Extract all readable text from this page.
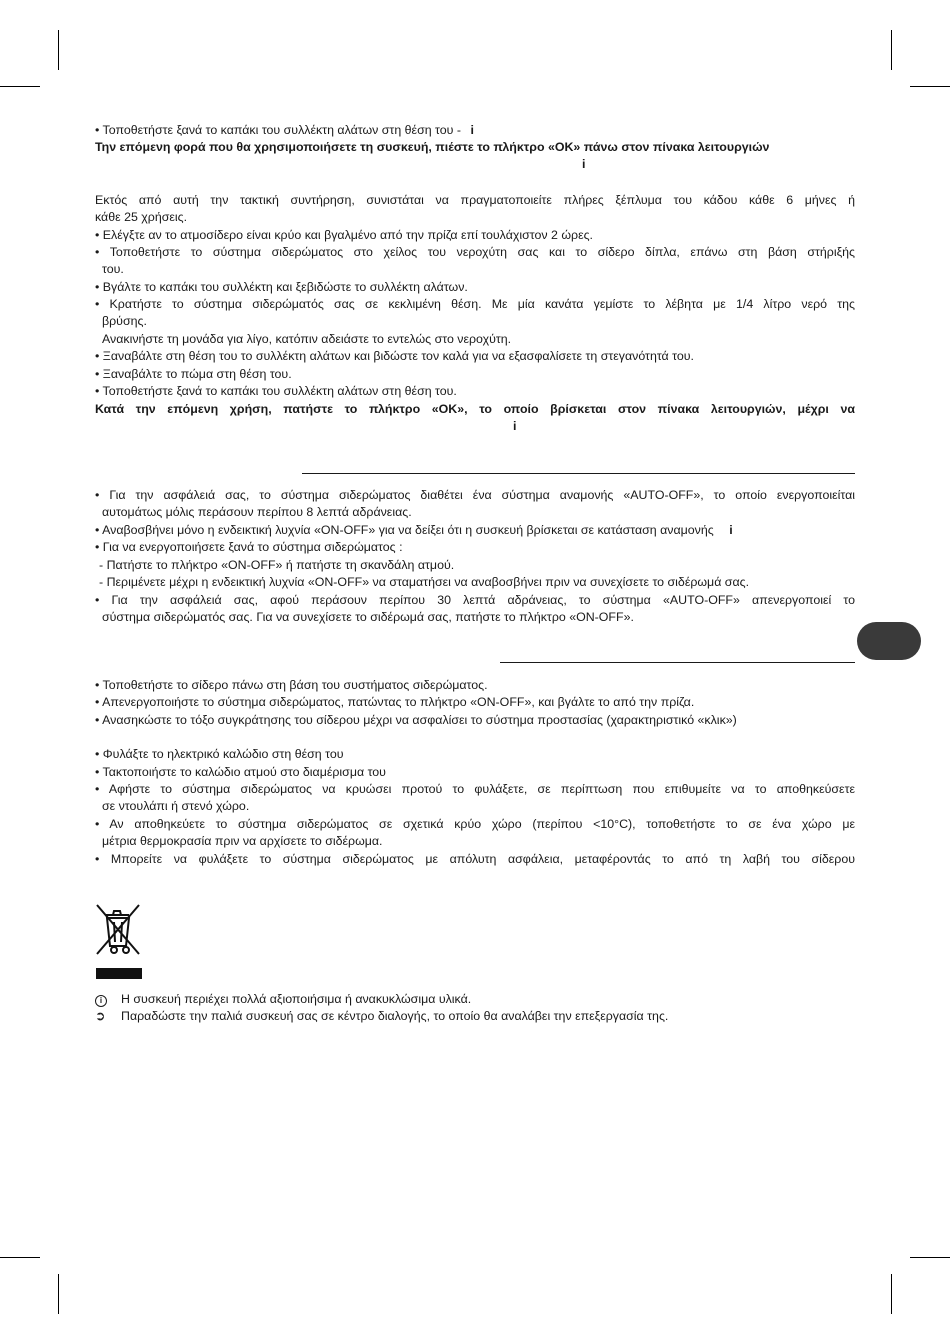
• Τοποθετήστε ξανά το καπάκι του συλλέκτη αλάτων στη θέση του - i
Την επόμενη φορά που θα χρησιμοποιήσετε τη συσκευή, πιέστε το πλήκτρο «OK» πάνω στον πίνακα λειτουργιών
i
Εκτός από αυτή την τακτική συντήρηση, συνιστάται να πραγματοποιείτε πλήρες ξέπλυμα του κάδου κάθε 6 μήνες ή
κάθε 25 χρήσεις.
• Ελέγξτε αν το ατμοσίδερο είναι κρύο και βγαλμένο από την πρίζα επί τουλάχιστον 2 ώρες.
• Τοποθετήστε το σύστημα σιδερώματος στο χείλος του νεροχύτη σας και το σίδερο δίπλα, επάνω στη βάση στήριξής
του.
• Βγάλτε το καπάκι του συλλέκτη και ξεβιδώστε το συλλέκτη αλάτων.
• Κρατήστε το σύστημα σιδερώματός σας σε κεκλιμένη θέση. Με μία κανάτα γεμίστε το λέβητα με 1/4 λίτρο νερό της
βρύσης.
Ανακινήστε τη μονάδα για λίγο, κατόπιν αδειάστε το εντελώς στο νεροχύτη.
• Ξαναβάλτε στη θέση του το συλλέκτη αλάτων και βιδώστε τον καλά για να εξασφαλίσετε τη στεγανότητά του.
• Ξαναβάλτε το πώμα στη θέση του.
• Τοποθετήστε ξανά το καπάκι του συλλέκτη αλάτων στη θέση του.
Κατά την επόμενη χρήση, πατήστε το πλήκτρο «OK», το οποίο βρίσκεται στον πίνακα λειτουργιών, μέχρι να
i
• Για την ασφάλειά σας, το σύστημα σιδερώματος διαθέτει ένα σύστημα αναμονής «AUTO-OFF», το οποίο ενεργοποιείται
αυτομάτως μόλις περάσουν περίπου 8 λεπτά αδράνειας.
• Αναβοσβήνει μόνο η ενδεικτική λυχνία «ON-OFF» για να δείξει ότι η συσκευή βρίσκεται σε κατάσταση αναμονής i
• Για να ενεργοποιήσετε ξανά το σύστημα σιδερώματος :
- Πατήστε το πλήκτρο «ON-OFF» ή πατήστε τη σκανδάλη ατμού.
- Περιμένετε μέχρι η ενδεικτική λυχνία «ON-OFF» να σταματήσει να αναβοσβήνει πριν να συνεχίσετε το σιδέρωμά σας.
• Για την ασφάλειά σας, αφού περάσουν περίπου 30 λεπτά αδράνειας, το σύστημα «AUTO-OFF» απενεργοποιεί το
σύστημα σιδερώματός σας. Για να συνεχίσετε το σιδέρωμά σας, πατήστε το πλήκτρο «ON-OFF».
• Τοποθετήστε το σίδερο πάνω στη βάση του συστήματος σιδερώματος.
• Απενεργοποιήστε το σύστημα σιδερώματος, πατώντας το πλήκτρο «ON-OFF», και βγάλτε το από την πρίζα.
• Ανασηκώστε το τόξο συγκράτησης του σίδερου μέχρι να ασφαλίσει το σύστημα προστασίας (χαρακτηριστικό «κλικ»)
• Φυλάξτε το ηλεκτρικό καλώδιο στη θέση του
• Τακτοποιήστε το καλώδιο ατμού στο διαμέρισμα του
• Αφήστε το σύστημα σιδερώματος να κρυώσει προτού το φυλάξετε, σε περίπτωση που επιθυμείτε να το αποθηκεύσετε
σε ντουλάπι ή στενό χώρο.
• Αν αποθηκεύετε το σύστημα σιδερώματος σε σχετικά κρύο χώρο (περίπου <10°C), τοποθετήστε το σε ένα χώρο με
μέτρια θερμοκρασία πριν να αρχίσετε το σιδέρωμα.
• Μπορείτε να φυλάξετε το σύστημα σιδερώματος με απόλυτη ασφάλεια, μεταφέροντάς το από τη λαβή του σίδερου
i	Η συσκευή περιέχει πολλά αξιοποιήσιμα ή ανακυκλώσιμα υλικά.
➲	Παραδώστε την παλιά συσκευή σας σε κέντρο διαλογής, το οποίο θα αναλάβει την επεξεργασία της.
